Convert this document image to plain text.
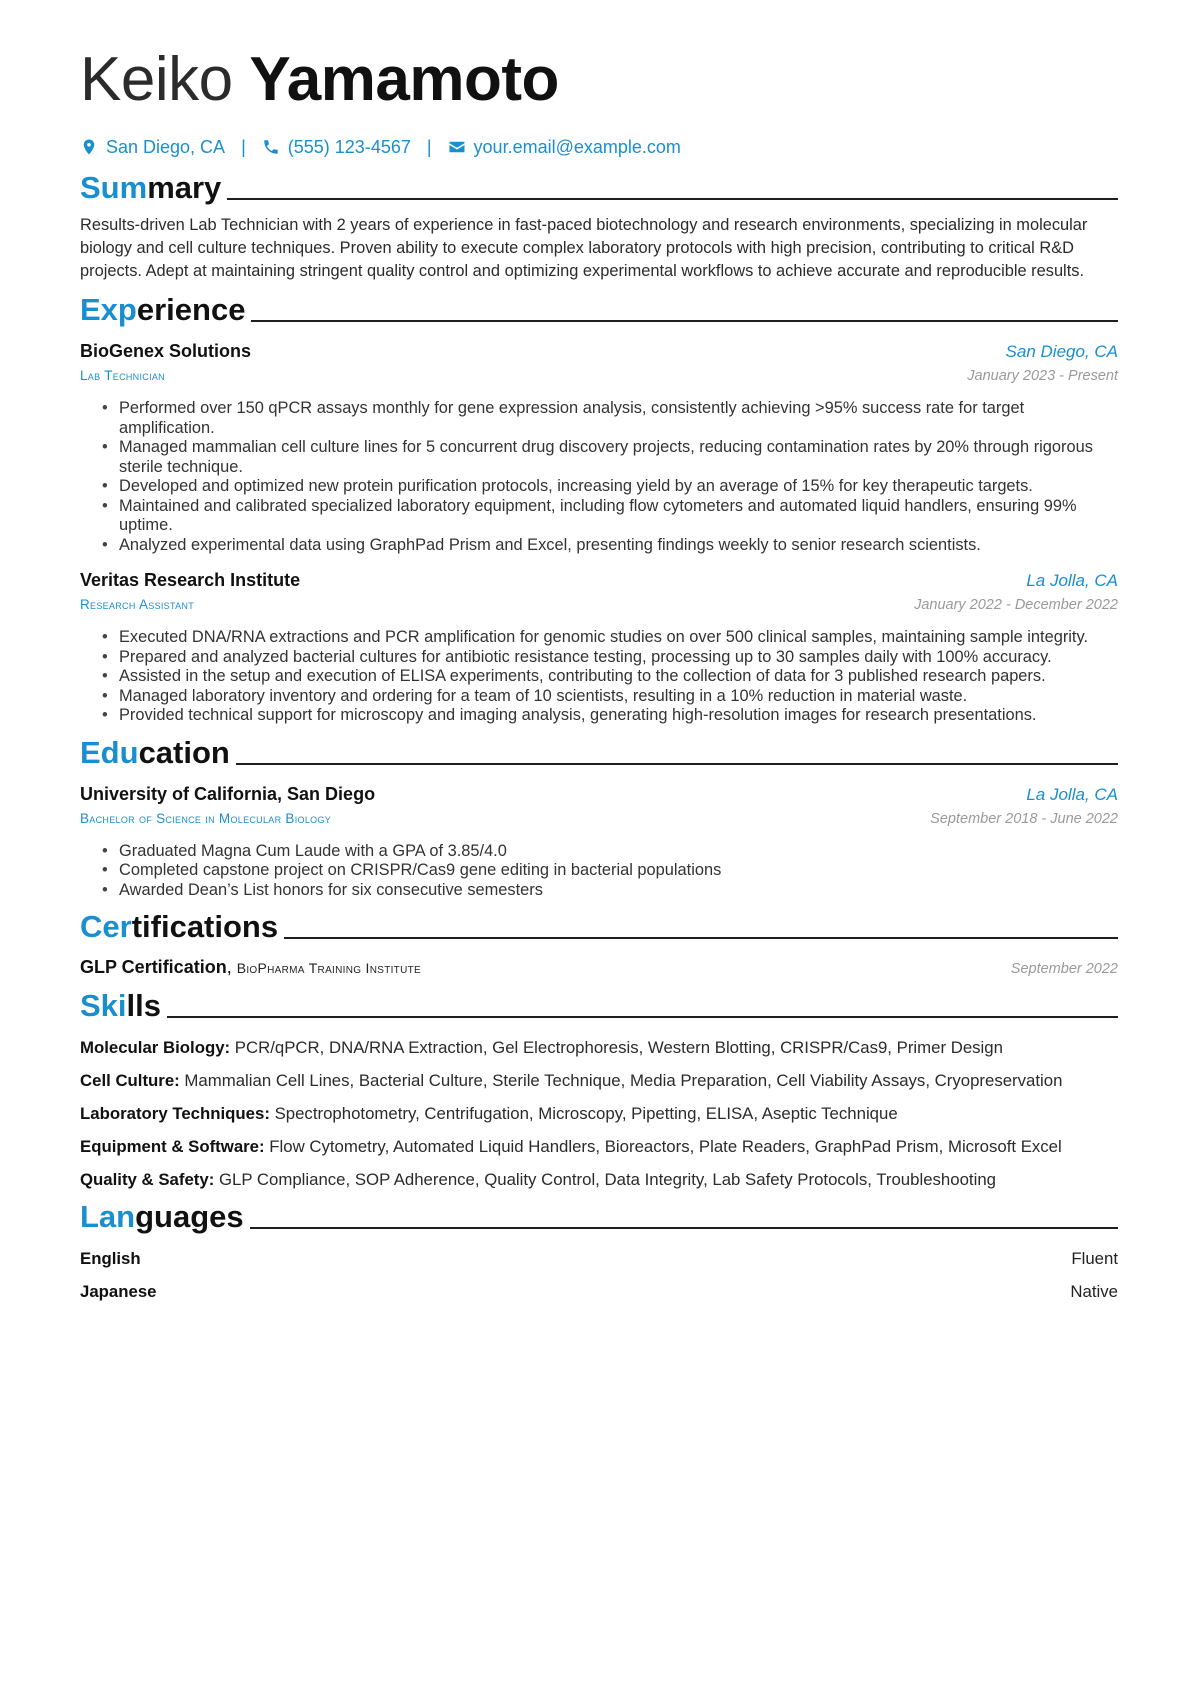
Keiko Yamamoto
San Diego, CA | (555) 123-4567 | your.email@example.com
Summary

Results-driven Lab Technician with 2 years of experience in fast-paced biotechnology and research environments, specializing in molecular biology and cell culture techniques. Proven ability to execute complex laboratory protocols with high precision, contributing to critical R&D projects. Adept at maintaining stringent quality control and optimizing experimental workflows to achieve accurate and reproducible results.

Experience
BioGenex Solutions	San Diego, CA
Lab Technician	January 2023 - Present
• Performed over 150 qPCR assays monthly for gene expression analysis, consistently achieving >95% success rate for target amplification.
• Managed mammalian cell culture lines for 5 concurrent drug discovery projects, reducing contamination rates by 20% through rigorous sterile technique.
• Developed and optimized new protein purification protocols, increasing yield by an average of 15% for key therapeutic targets.
• Maintained and calibrated specialized laboratory equipment, including flow cytometers and automated liquid handlers, ensuring 99% uptime.
• Analyzed experimental data using GraphPad Prism and Excel, presenting findings weekly to senior research scientists.
Veritas Research Institute	La Jolla, CA
Research Assistant	January 2022 - December 2022
• Executed DNA/RNA extractions and PCR amplification for genomic studies on over 500 clinical samples, maintaining sample integrity.
• Prepared and analyzed bacterial cultures for antibiotic resistance testing, processing up to 30 samples daily with 100% accuracy.
• Assisted in the setup and execution of ELISA experiments, contributing to the collection of data for 3 published research papers.
• Managed laboratory inventory and ordering for a team of 10 scientists, resulting in a 10% reduction in material waste.
• Provided technical support for microscopy and imaging analysis, generating high-resolution images for research presentations.
Education
University of California, San Diego	La Jolla, CA
Bachelor of Science in Molecular Biology	September 2018 - June 2022
• Graduated Magna Cum Laude with a GPA of 3.85/4.0
• Completed capstone project on CRISPR/Cas9 gene editing in bacterial populations
• Awarded Dean’s List honors for six consecutive semesters
Certifications
GLP Certification, BioPharma Training Institute	September 2022
Skills
Molecular Biology: PCR/qPCR, DNA/RNA Extraction, Gel Electrophoresis, Western Blotting, CRISPR/Cas9, Primer Design
Cell Culture: Mammalian Cell Lines, Bacterial Culture, Sterile Technique, Media Preparation, Cell Viability Assays, Cryopreservation
Laboratory Techniques: Spectrophotometry, Centrifugation, Microscopy, Pipetting, ELISA, Aseptic Technique
Equipment & Software: Flow Cytometry, Automated Liquid Handlers, Bioreactors, Plate Readers, GraphPad Prism, Microsoft Excel
Quality & Safety: GLP Compliance, SOP Adherence, Quality Control, Data Integrity, Lab Safety Protocols, Troubleshooting
Languages
English	Fluent
Japanese	Native
